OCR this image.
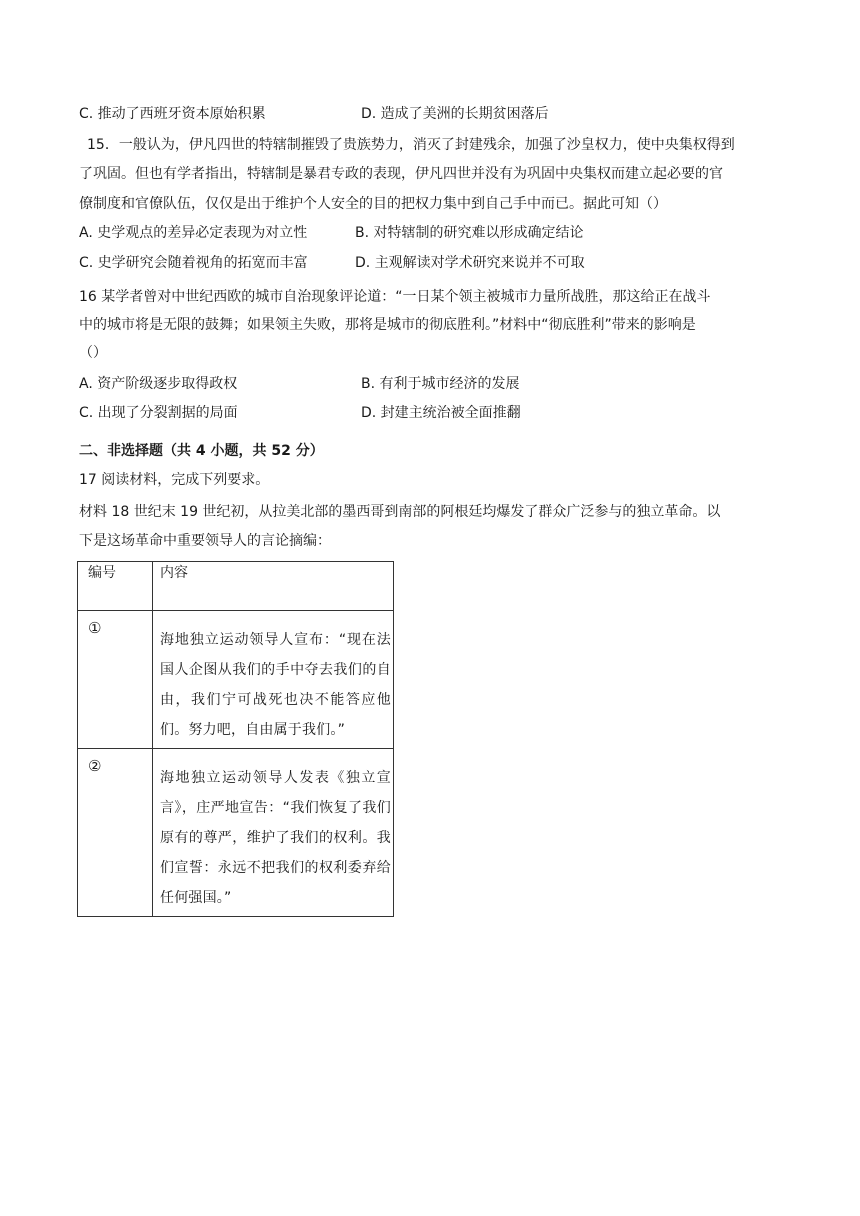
C. 推动了西班牙资本原始积累	D. 造成了美洲的长期贫困落后
15．一般认为，伊凡四世的特辖制摧毁了贵族势力，消灭了封建残余，加强了沙皇权力，使中央集权得到
了巩固。但也有学者指出，特辖制是暴君专政的表现，伊凡四世并没有为巩固中央集权而建立起必要的官
僚制度和官僚队伍，仅仅是出于维护个人安全的目的把权力集中到自己手中而已。据此可知（）
A. 史学观点的差异必定表现为对立性	B. 对特辖制的研究难以形成确定结论
C. 史学研究会随着视角的拓宽而丰富	D. 主观解读对学术研究来说并不可取
16 某学者曾对中世纪西欧的城市自治现象评论道：“一日某个领主被城市力量所战胜，那这给正在战斗
中的城市将是无限的鼓舞；如果领主失败，那将是城市的彻底胜利。”材料中“彻底胜利”带来的影响是
（）
A. 资产阶级逐步取得政权	B. 有利于城市经济的发展
C. 出现了分裂割据的局面	D. 封建主统治被全面推翻
二、非选择题（共 4 小题，共 52 分）
17 阅读材料，完成下列要求。
材料 18 世纪末 19 世纪初，从拉美北部的墨西哥到南部的阿根廷均爆发了群众广泛参与的独立革命。以
下是这场革命中重要领导人的言论摘编：
编号	内容
①	海地独立运动领导人宣布：“现在法国人企图从我们的手中夺去我们的自由，我们宁可战死也决不能答应他们。努力吧，自由属于我们。”

②	海地独立运动领导人发表《独立宣言》，庄严地宣告：“我们恢复了我们原有的尊严，维护了我们的权利。我们宣誓：永远不把我们的权利委弃给任何强国。”
